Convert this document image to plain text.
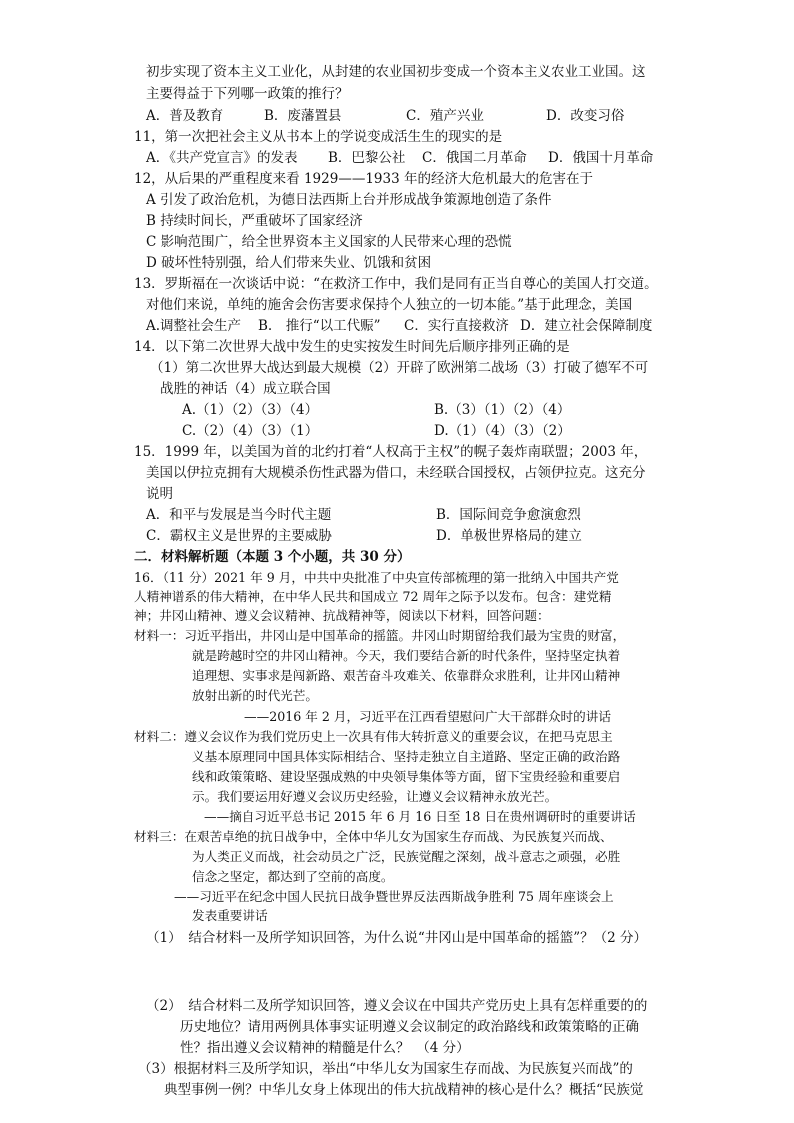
初步实现了资本主义工业化，从封建的农业国初步变成一个资本主义农业工业国。这
主要得益于下列哪一政策的推行？
A．普及教育	B．废藩置县	C．殖产兴业	D．改变习俗
11，第一次把社会主义从书本上的学说变成活生生的现实的是
A．《共产党宣言》的发表 B．巴黎公社 C．俄国二月革命 D．俄国十月革命
12，从后果的严重程度来看 1929——1933 年的经济大危机最大的危害在于
A 引发了政治危机，为德日法西斯上台并形成战争策源地创造了条件
B 持续时间长，严重破坏了国家经济
C 影响范围广，给全世界资本主义国家的人民带来心理的恐慌
D 破坏性特别强，给人们带来失业、饥饿和贫困
13．罗斯福在一次谈话中说：“在救济工作中，我们是同有正当自尊心的美国人打交道。
对他们来说，单纯的施舍会伤害要求保持个人独立的一切本能。”基于此理念，美国
A.调整社会生产 B.　推行“以工代赈” C．实行直接救济 D．建立社会保障制度
14．以下第二次世界大战中发生的史实按发生时间先后顺序排列正确的是
（1）第二次世界大战达到最大规模（2）开辟了欧洲第二战场（3）打破了德军不可
战胜的神话（4）成立联合国
A.（1）（2）（3）（4）	B.（3）（1）（2）（4）
C.（2）（4）（3）（1）	D.（1）（4）（3）（2）
15．1999 年，以美国为首的北约打着“人权高于主权”的幌子轰炸南联盟；2003 年，
美国以伊拉克拥有大规模杀伤性武器为借口，未经联合国授权，占领伊拉克。这充分
说明
A．和平与发展是当今时代主题	B．国际间竞争愈演愈烈
C．霸权主义是世界的主要威胁	D．单极世界格局的建立
二．材料解析题（本题 3 个小题，共 30 分）
16．（11 分）2021 年 9 月，中共中央批准了中央宣传部梳理的第一批纳入中国共产党
人精神谱系的伟大精神，在中华人民共和国成立 72 周年之际予以发布。包含：建党精
神；井冈山精神、遵义会议精神、抗战精神等，阅读以下材料，回答问题：
材料一：习近平指出，井冈山是中国革命的摇篮。井冈山时期留给我们最为宝贵的财富，
就是跨越时空的井冈山精神。今天，我们要结合新的时代条件，坚持坚定执着
追理想、实事求是闯新路、艰苦奋斗攻难关、依靠群众求胜利，让井冈山精神
放射出新的时代光芒。
——2016 年 2 月，习近平在江西看望慰问广大干部群众时的讲话
材料二：遵义会议作为我们党历史上一次具有伟大转折意义的重要会议，在把马克思主
义基本原理同中国具体实际相结合、坚持走独立自主道路、坚定正确的政治路
线和政策策略、建设坚强成熟的中央领导集体等方面，留下宝贵经验和重要启
示。我们要运用好遵义会议历史经验，让遵义会议精神永放光芒。
——摘自习近平总书记 2015 年 6 月 16 日至 18 日在贵州调研时的重要讲话
材料三：在艰苦卓绝的抗日战争中，全体中华儿女为国家生存而战、为民族复兴而战、
为人类正义而战，社会动员之广泛，民族觉醒之深刻，战斗意志之顽强，必胜
信念之坚定，都达到了空前的高度。
——习近平在纪念中国人民抗日战争暨世界反法西斯战争胜利 75 周年座谈会上
发表重要讲话
（1）　结合材料一及所学知识回答，为什么说“井冈山是中国革命的摇篮”？（2 分）
（2）　结合材料二及所学知识回答，遵义会议在中国共产党历史上具有怎样重要的的
历史地位？请用两例具体事实证明遵义会议制定的政治路线和政策策略的正确
性？指出遵义会议精神的精髓是什么？　（4 分）
（3）根据材料三及所学知识，举出“中华儿女为国家生存而战、为民族复兴而战”的
典型事例一例？中华儿女身上体现出的伟大抗战精神的核心是什么？概括“民族觉
